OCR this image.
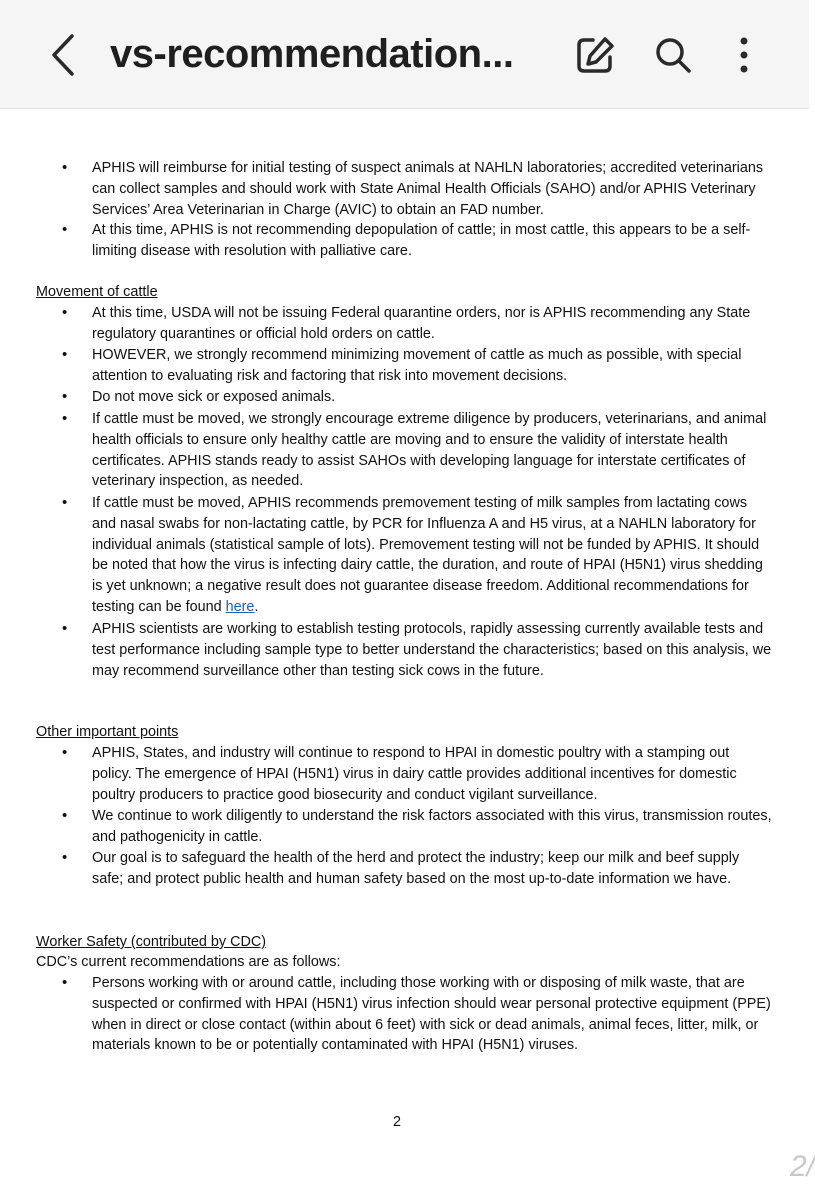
vs-recommendation...
• APHIS will reimburse for initial testing of suspect animals at NAHLN laboratories; accredited veterinarians can collect samples and should work with State Animal Health Officials (SAHO) and/or APHIS Veterinary Services’ Area Veterinarian in Charge (AVIC) to obtain an FAD number.
• At this time, APHIS is not recommending depopulation of cattle; in most cattle, this appears to be a self-limiting disease with resolution with palliative care.
Movement of cattle
• At this time, USDA will not be issuing Federal quarantine orders, nor is APHIS recommending any State regulatory quarantines or official hold orders on cattle.
• HOWEVER, we strongly recommend minimizing movement of cattle as much as possible, with special attention to evaluating risk and factoring that risk into movement decisions.
• Do not move sick or exposed animals.
• If cattle must be moved, we strongly encourage extreme diligence by producers, veterinarians, and animal health officials to ensure only healthy cattle are moving and to ensure the validity of interstate health certificates. APHIS stands ready to assist SAHOs with developing language for interstate certificates of veterinary inspection, as needed.
• If cattle must be moved, APHIS recommends premovement testing of milk samples from lactating cows and nasal swabs for non-lactating cattle, by PCR for Influenza A and H5 virus, at a NAHLN laboratory for individual animals (statistical sample of lots). Premovement testing will not be funded by APHIS. It should be noted that how the virus is infecting dairy cattle, the duration, and route of HPAI (H5N1) virus shedding is yet unknown; a negative result does not guarantee disease freedom. Additional recommendations for testing can be found here.
• APHIS scientists are working to establish testing protocols, rapidly assessing currently available tests and test performance including sample type to better understand the characteristics; based on this analysis, we may recommend surveillance other than testing sick cows in the future.
Other important points
• APHIS, States, and industry will continue to respond to HPAI in domestic poultry with a stamping out policy. The emergence of HPAI (H5N1) virus in dairy cattle provides additional incentives for domestic poultry producers to practice good biosecurity and conduct vigilant surveillance.
• We continue to work diligently to understand the risk factors associated with this virus, transmission routes, and pathogenicity in cattle.
• Our goal is to safeguard the health of the herd and protect the industry; keep our milk and beef supply safe; and protect public health and human safety based on the most up-to-date information we have.
Worker Safety (contributed by CDC)
CDC’s current recommendations are as follows:
• Persons working with or around cattle, including those working with or disposing of milk waste, that are suspected or confirmed with HPAI (H5N1) virus infection should wear personal protective equipment (PPE) when in direct or close contact (within about 6 feet) with sick or dead animals, animal feces, litter, milk, or materials known to be or potentially contaminated with HPAI (H5N1) viruses.
2
2/
